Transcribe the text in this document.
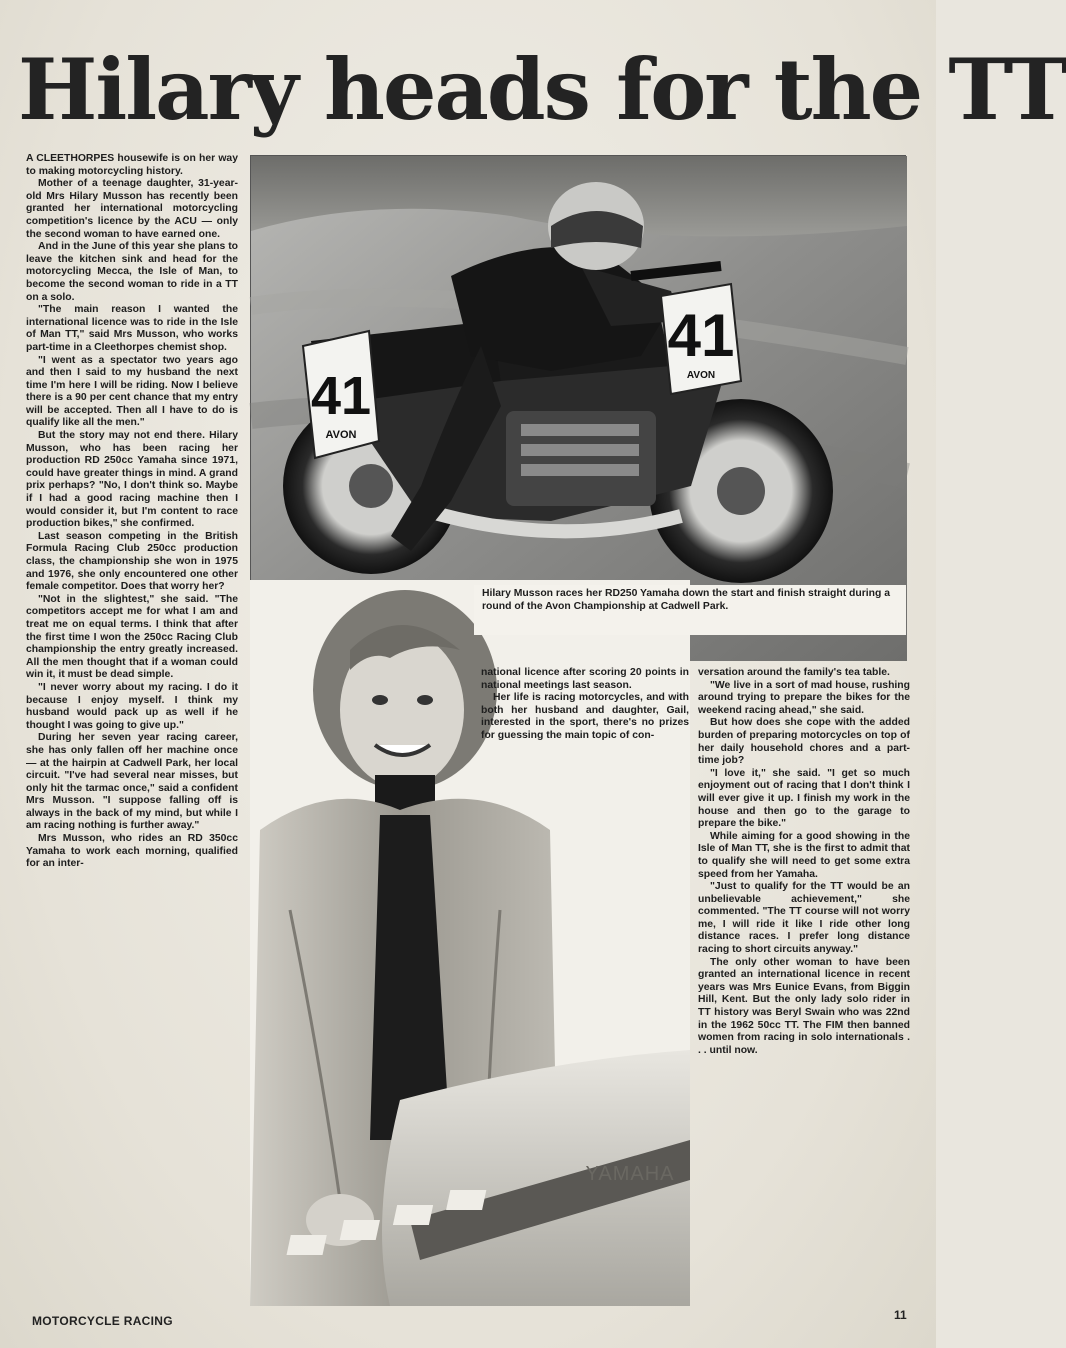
Hilary heads for the TT

A CLEETHORPES housewife is on her way to making motorcycling history.

Mother of a teenage daughter, 31-year-old Mrs Hilary Musson has recently been granted her international motorcycling competition's licence by the ACU — only the second woman to have earned one.

And in the June of this year she plans to leave the kitchen sink and head for the motorcycling Mecca, the Isle of Man, to become the second woman to ride in a TT on a solo.

"The main reason I wanted the international licence was to ride in the Isle of Man TT," said Mrs Musson, who works part-time in a Cleethorpes chemist shop.

"I went as a spectator two years ago and then I said to my husband the next time I'm here I will be riding. Now I believe there is a 90 per cent chance that my entry will be accepted. Then all I have to do is qualify like all the men."

But the story may not end there. Hilary Musson, who has been racing her production RD 250cc Yamaha since 1971, could have greater things in mind. A grand prix perhaps? "No, I don't think so. Maybe if I had a good racing machine then I would consider it, but I'm content to race production bikes," she confirmed.

Last season competing in the British Formula Racing Club 250cc production class, the championship she won in 1975 and 1976, she only encountered one other female competitor. Does that worry her?

"Not in the slightest," she said. "The competitors accept me for what I am and treat me on equal terms. I think that after the first time I won the 250cc Racing Club championship the entry greatly increased. All the men thought that if a woman could win it, it must be dead simple.

"I never worry about my racing. I do it because I enjoy myself. I think my husband would pack up as well if he thought I was going to give up."

During her seven year racing career, she has only fallen off her machine once — at the hairpin at Cadwell Park, her local circuit. "I've had several near misses, but only hit the tarmac once," said a confident Mrs Musson. "I suppose falling off is always in the back of my mind, but while I am racing nothing is further away."

Mrs Musson, who rides an RD 350cc Yamaha to work each morning, qualified for an inter-

41
AVON
41
AVON
YAMAHA
Hilary Musson races her RD250 Yamaha down the start and finish straight during a round of the Avon Championship at Cadwell Park.

national licence after scoring 20 points in national meetings last season.

Her life is racing motorcycles, and with both her husband and daughter, Gail, interested in the sport, there's no prizes for guessing the main topic of con-

versation around the family's tea table.

"We live in a sort of mad house, rushing around trying to prepare the bikes for the weekend racing ahead," she said.

But how does she cope with the added burden of preparing motorcycles on top of her daily household chores and a part-time job?

"I love it," she said. "I get so much enjoyment out of racing that I don't think I will ever give it up. I finish my work in the house and then go to the garage to prepare the bike."

While aiming for a good showing in the Isle of Man TT, she is the first to admit that to qualify she will need to get some extra speed from her Yamaha.

"Just to qualify for the TT would be an unbelievable achievement," she commented. "The TT course will not worry me, I will ride it like I ride other long distance races. I prefer long distance racing to short circuits anyway."

The only other woman to have been granted an international licence in recent years was Mrs Eunice Evans, from Biggin Hill, Kent. But the only lady solo rider in TT history was Beryl Swain who was 22nd in the 1962 50cc TT. The FIM then banned women from racing in solo internationals . . . until now.

MOTORCYCLE RACING	11
